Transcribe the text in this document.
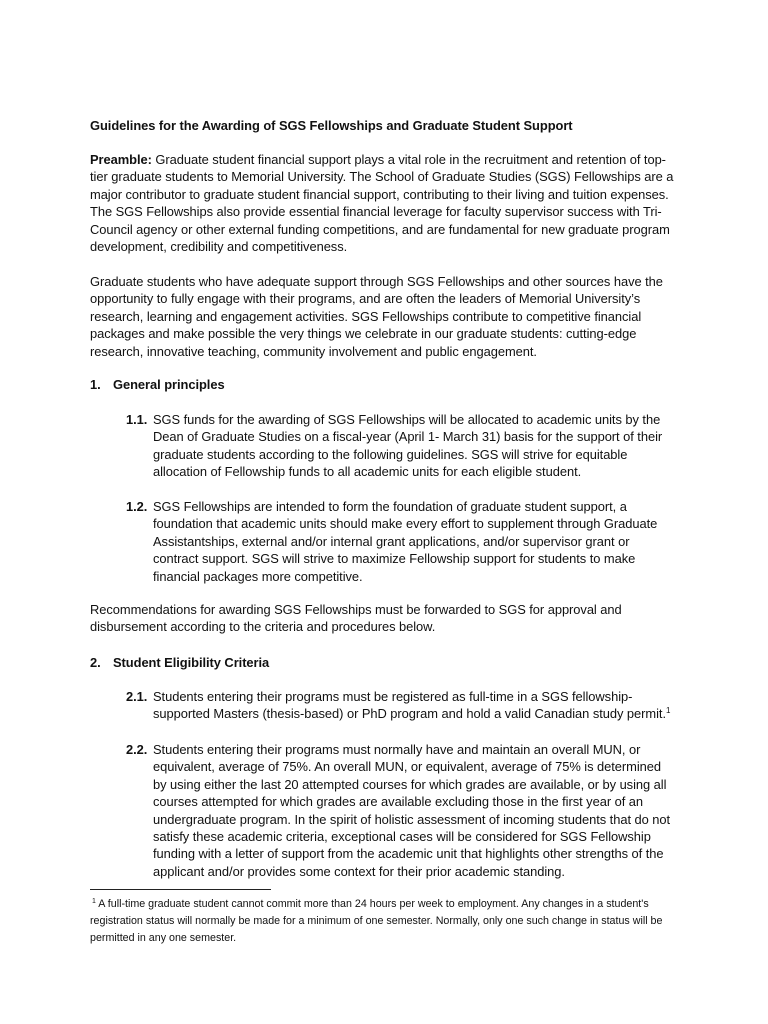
Guidelines for the Awarding of SGS Fellowships and Graduate Student Support

Preamble: Graduate student financial support plays a vital role in the recruitment and retention of top-tier graduate students to Memorial University. The School of Graduate Studies (SGS) Fellowships are a major contributor to graduate student financial support, contributing to their living and tuition expenses. The SGS Fellowships also provide essential financial leverage for faculty supervisor success with Tri-Council agency or other external funding competitions, and are fundamental for new graduate program development, credibility and competitiveness.

Graduate students who have adequate support through SGS Fellowships and other sources have the opportunity to fully engage with their programs, and are often the leaders of Memorial University’s research, learning and engagement activities. SGS Fellowships contribute to competitive financial packages and make possible the very things we celebrate in our graduate students: cutting-edge research, innovative teaching, community involvement and public engagement.

1. General principles

1.1. SGS funds for the awarding of SGS Fellowships will be allocated to academic units by the Dean of Graduate Studies on a fiscal-year (April 1- March 31) basis for the support of their graduate students according to the following guidelines. SGS will strive for equitable allocation of Fellowship funds to all academic units for each eligible student.
1.2. SGS Fellowships are intended to form the foundation of graduate student support, a foundation that academic units should make every effort to supplement through Graduate Assistantships, external and/or internal grant applications, and/or supervisor grant or contract support. SGS will strive to maximize Fellowship support for students to make financial packages more competitive.

Recommendations for awarding SGS Fellowships must be forwarded to SGS for approval and disbursement according to the criteria and procedures below.

2. Student Eligibility Criteria

2.1. Students entering their programs must be registered as full-time in a SGS fellowship-supported Masters (thesis-based) or PhD program and hold a valid Canadian study permit.$^1$
2.2. Students entering their programs must normally have and maintain an overall MUN, or equivalent, average of 75%. An overall MUN, or equivalent, average of 75% is determined by using either the last 20 attempted courses for which grades are available, or by using all courses attempted for which grades are available excluding those in the first year of an undergraduate program. In the spirit of holistic assessment of incoming students that do not satisfy these academic criteria, exceptional cases will be considered for SGS Fellowship funding with a letter of support from the academic unit that highlights other strengths of the applicant and/or provides some context for their prior academic standing.

$^1$ A full-time graduate student cannot commit more than 24 hours per week to employment. Any changes in a student's registration status will normally be made for a minimum of one semester. Normally, only one such change in status will be permitted in any one semester.
